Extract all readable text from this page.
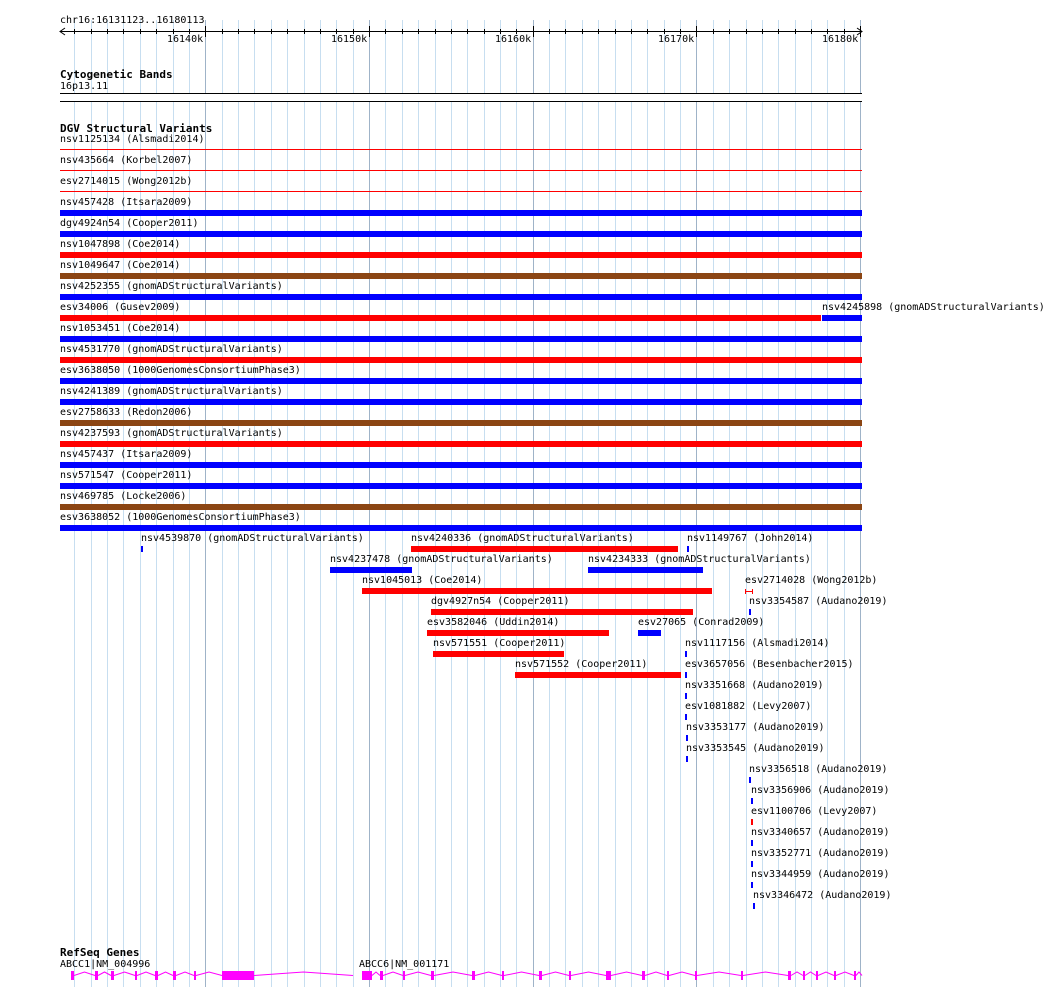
chr16:16131123..16180113
16140k	16150k	16160k	16170k	16180k
Cytogenetic Bands
16p13.11
DGV Structural Variants
nsv1125134 (Alsmadi2014)
nsv435664 (Korbel2007)
esv2714015 (Wong2012b)
nsv457428 (Itsara2009)
dgv4924n54 (Cooper2011)
nsv1047898 (Coe2014)
nsv1049647 (Coe2014)
nsv4252355 (gnomADStructuralVariants)
esv34006 (Gusev2009)	nsv4245898 (gnomADStructuralVariants)
nsv1053451 (Coe2014)
nsv4531770 (gnomADStructuralVariants)
esv3638050 (1000GenomesConsortiumPhase3)
nsv4241389 (gnomADStructuralVariants)
esv2758633 (Redon2006)
nsv4237593 (gnomADStructuralVariants)
nsv457437 (Itsara2009)
nsv571547 (Cooper2011)
nsv469785 (Locke2006)
esv3638052 (1000GenomesConsortiumPhase3)
nsv4539870 (gnomADStructuralVariants)	nsv4240336 (gnomADStructuralVariants)	nsv1149767 (John2014)
nsv4237478 (gnomADStructuralVariants)	nsv4234333 (gnomADStructuralVariants)
nsv1045013 (Coe2014)	esv2714028 (Wong2012b)
dgv4927n54 (Cooper2011)	nsv3354587 (Audano2019)
esv3582046 (Uddin2014)	esv27065 (Conrad2009)
nsv571551 (Cooper2011)	nsv1117156 (Alsmadi2014)
nsv571552 (Cooper2011)	esv3657056 (Besenbacher2015)
nsv3351668 (Audano2019)
esv1081882 (Levy2007)
nsv3353177 (Audano2019)
nsv3353545 (Audano2019)
nsv3356518 (Audano2019)
nsv3356906 (Audano2019)
esv1100706 (Levy2007)
nsv3340657 (Audano2019)
nsv3352771 (Audano2019)
nsv3344959 (Audano2019)
nsv3346472 (Audano2019)
RefSeq Genes
ABCC1|NM_004996	ABCC6|NM_001171
